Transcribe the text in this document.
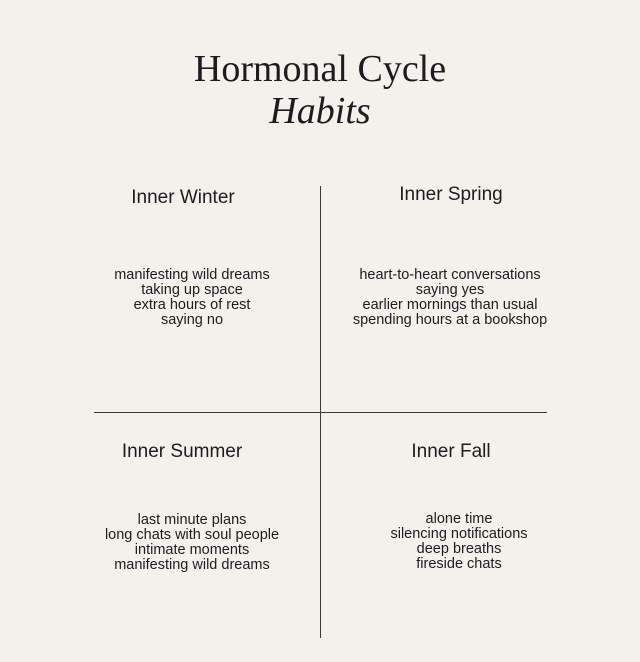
Hormonal Cycle
Habits
Inner Winter
manifesting wild dreams
taking up space
extra hours of rest
saying no
Inner Spring
heart-to-heart conversations
saying yes
earlier mornings than usual
spending hours at a bookshop
Inner Summer
last minute plans
long chats with soul people
intimate moments
manifesting wild dreams
Inner Fall
alone time
silencing notifications
deep breaths
fireside chats
